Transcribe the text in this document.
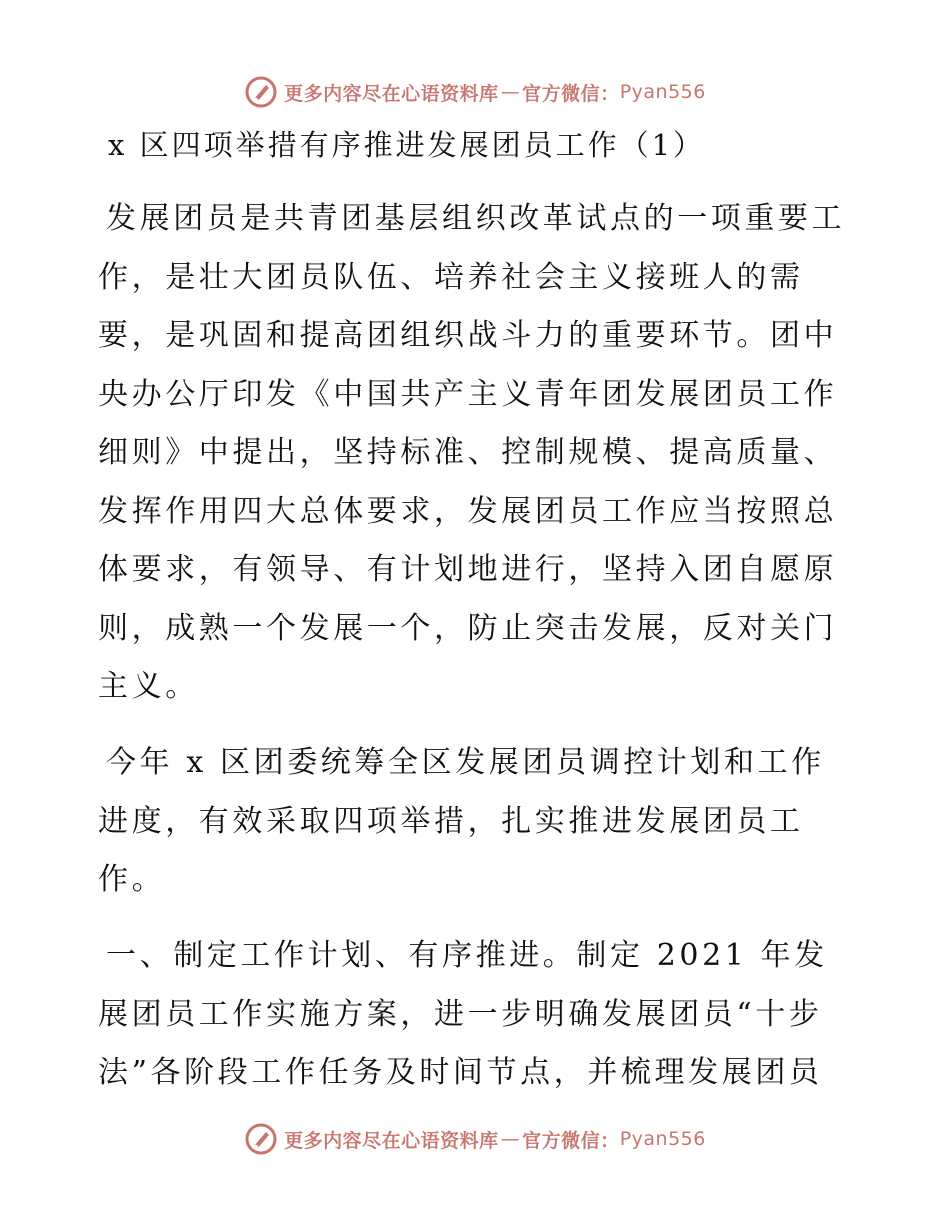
更多内容尽在心语资料库 — 官方微信： Pyan556
x 区四项举措有序推进发展团员工作（1）

发展团员是共青团基层组织改革试点的一项重要工作，是壮大团员队伍、培养社会主义接班人的需要，是巩固和提高团组织战斗力的重要环节。团中央办公厅印发《中国共产主义青年团发展团员工作细则》中提出，坚持标准、控制规模、提高质量、发挥作用四大总体要求，发展团员工作应当按照总体要求，有领导、有计划地进行，坚持入团自愿原则，成熟一个发展一个，防止突击发展，反对关门主义。

今年 x 区团委统筹全区发展团员调控计划和工作进度，有效采取四项举措，扎实推进发展团员工作。

一、制定工作计划、有序推进。制定 2021 年发展团员工作实施方案，进一步明确发展团员“十步法”各阶段工作任务及时间节点，并梳理发展团员

更多内容尽在心语资料库 — 官方微信： Pyan556
